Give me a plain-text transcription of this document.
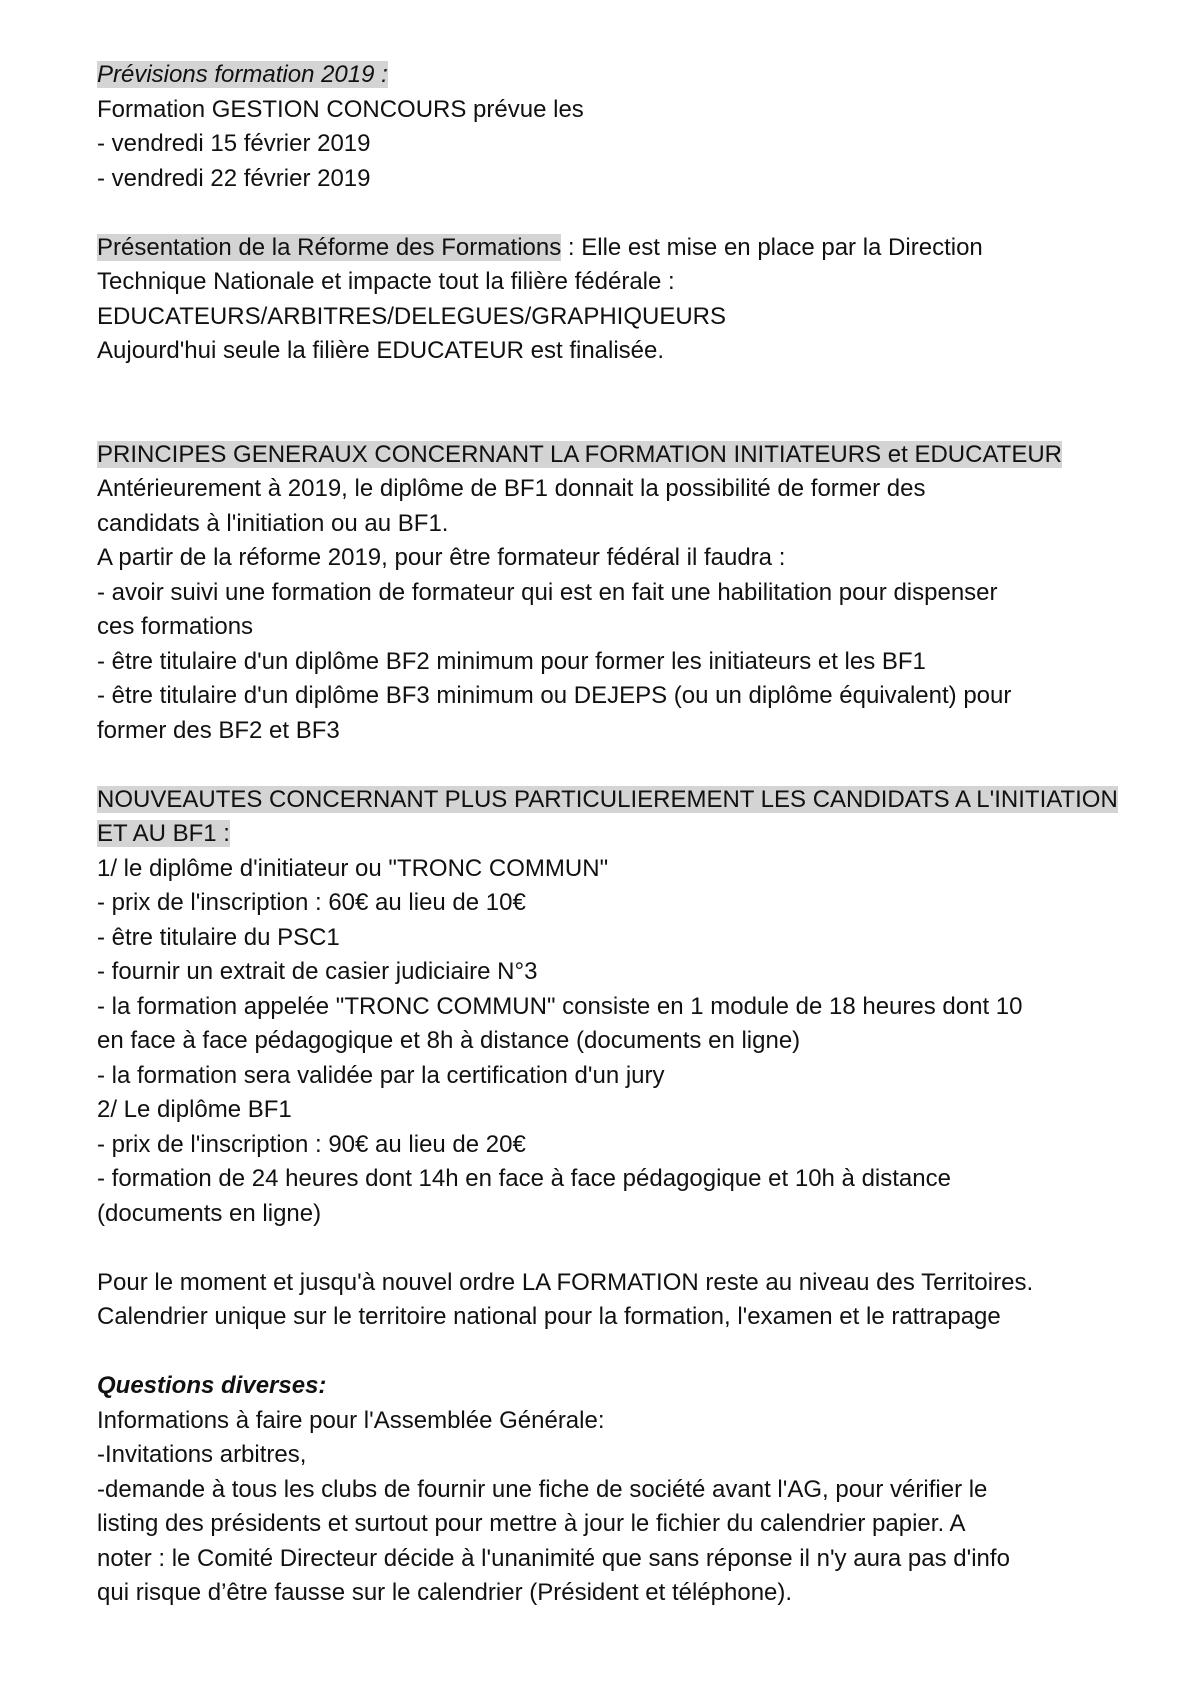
Prévisions formation 2019 :
Formation GESTION CONCOURS prévue les
- vendredi 15 février 2019
- vendredi 22 février 2019
Présentation de la Réforme des Formations : Elle est mise en place par la Direction
Technique Nationale et impacte tout la filière fédérale :
EDUCATEURS/ARBITRES/DELEGUES/GRAPHIQUEURS
Aujourd'hui seule la filière EDUCATEUR est finalisée.
PRINCIPES GENERAUX CONCERNANT LA FORMATION INITIATEURS et EDUCATEUR
Antérieurement à 2019, le diplôme de BF1 donnait la possibilité de former des
candidats à l'initiation ou au BF1.
A partir de la réforme 2019, pour être formateur fédéral il faudra :
- avoir suivi une formation de formateur qui est en fait une habilitation pour dispenser
ces formations
- être titulaire d'un diplôme BF2 minimum pour former les initiateurs et les BF1
- être titulaire d'un diplôme BF3 minimum ou DEJEPS (ou un diplôme équivalent) pour
former des BF2 et BF3
NOUVEAUTES CONCERNANT PLUS PARTICULIEREMENT LES CANDIDATS A L'INITIATION
ET AU BF1 :
1/ le diplôme d'initiateur ou "TRONC COMMUN"
- prix de l'inscription : 60€ au lieu de 10€
- être titulaire du PSC1
- fournir un extrait de casier judiciaire N°3
- la formation appelée "TRONC COMMUN" consiste en 1 module de 18 heures dont 10
en face à face pédagogique et 8h à distance (documents en ligne)
- la formation sera validée par la certification d'un jury
2/ Le diplôme BF1
- prix de l'inscription : 90€ au lieu de 20€
- formation de 24 heures dont 14h en face à face pédagogique et 10h à distance
(documents en ligne)
Pour le moment et jusqu'à nouvel ordre LA FORMATION reste au niveau des Territoires.
Calendrier unique sur le territoire national pour la formation, l'examen et le rattrapage
Questions diverses:
Informations à faire pour l'Assemblée Générale:
-Invitations arbitres,
-demande à tous les clubs de fournir une fiche de société avant l'AG, pour vérifier le
listing des présidents et surtout pour mettre à jour le fichier du calendrier papier. A
noter : le Comité Directeur décide à l'unanimité que sans réponse il n'y aura pas d'info
qui risque d’être fausse sur le calendrier (Président et téléphone).
